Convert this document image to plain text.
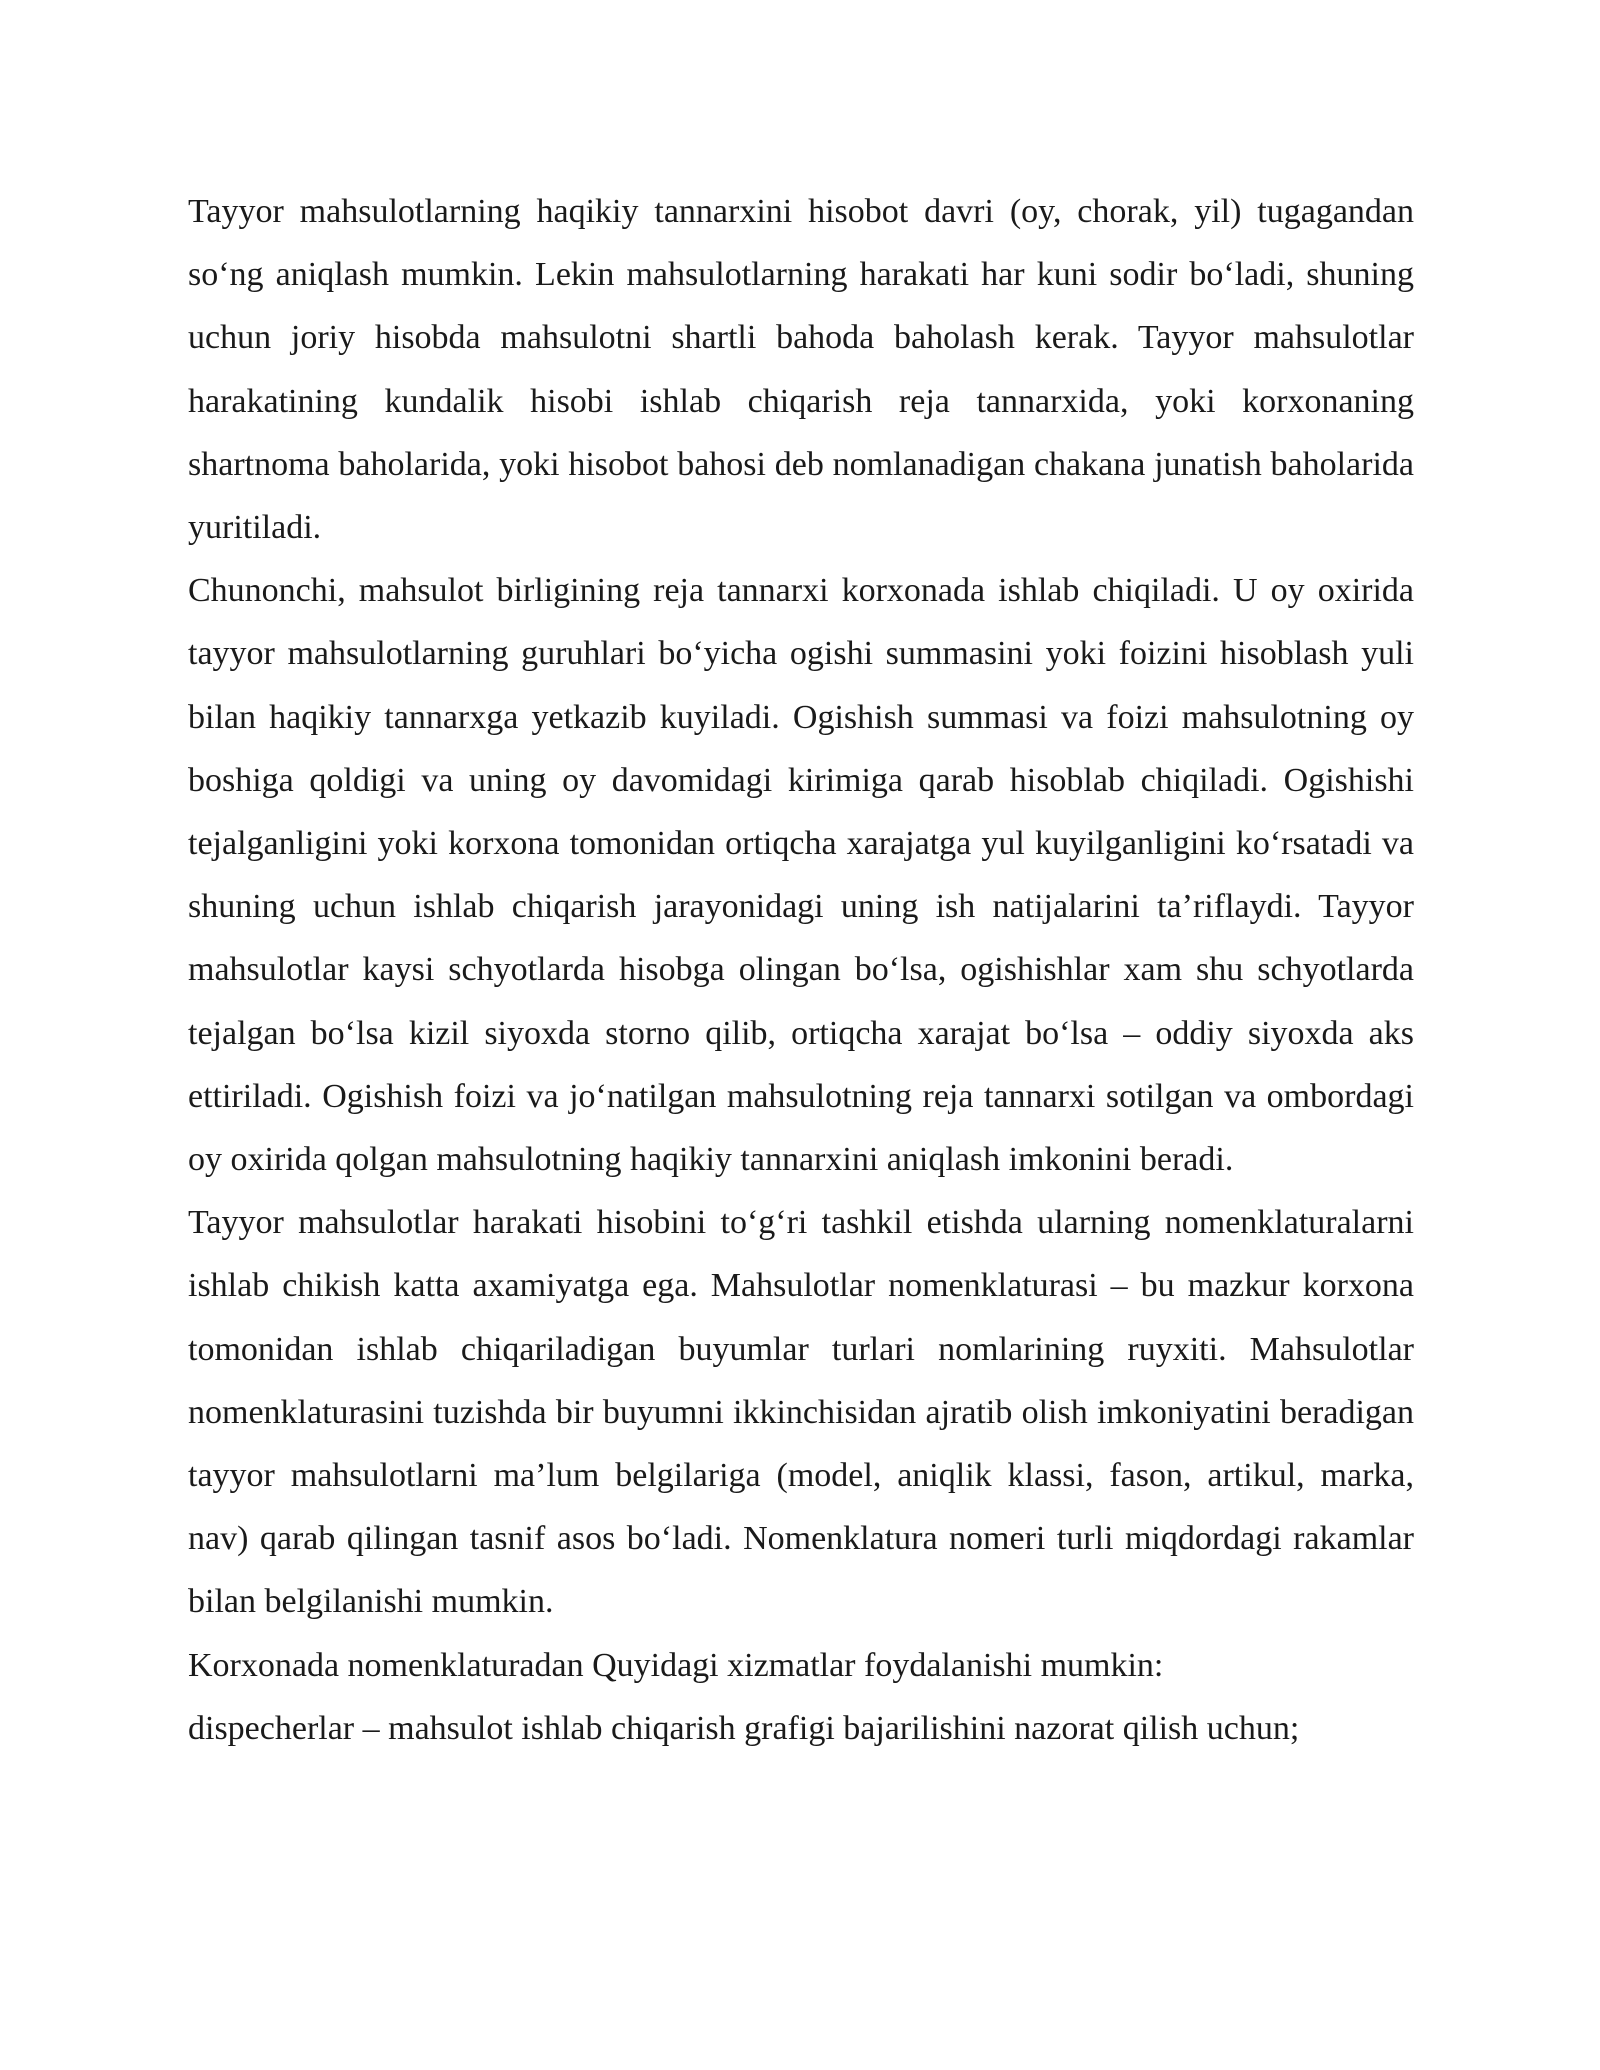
Tayyor mahsulotlarning haqikiy tannarxini hisobot davri (oy, chorak, yil) tugagandan so‘ng aniqlash mumkin. Lekin mahsulotlarning harakati har kuni sodir bo‘ladi, shuning uchun joriy hisobda mahsulotni shartli bahoda baholash kerak. Tayyor mahsulotlar harakatining kundalik hisobi ishlab chiqarish reja tannarxida, yoki korxonaning shartnoma baholarida, yoki hisobot bahosi deb nomlanadigan chakana junatish baholarida yuritiladi.

Chunonchi, mahsulot birligining reja tannarxi korxonada ishlab chiqiladi. U oy oxirida tayyor mahsulotlarning guruhlari bo‘yicha ogishi summasini yoki foizini hisoblash yuli bilan haqikiy tannarxga yetkazib kuyiladi. Ogishish summasi va foizi mahsulotning oy boshiga qoldigi va uning oy davomidagi kirimiga qarab hisoblab chiqiladi. Ogishishi tejalganligini yoki korxona tomonidan ortiqcha xarajatga yul kuyilganligini ko‘rsatadi va shuning uchun ishlab chiqarish jarayonidagi uning ish natijalarini ta’riflaydi. Tayyor mahsulotlar kaysi schyotlarda hisobga olingan bo‘lsa, ogishishlar xam shu schyotlarda tejalgan bo‘lsa kizil siyoxda storno qilib, ortiqcha xarajat bo‘lsa – oddiy siyoxda aks ettiriladi. Ogishish foizi va jo‘natilgan mahsulotning reja tannarxi sotilgan va ombordagi oy oxirida qolgan mahsulotning haqikiy tannarxini aniqlash imkonini beradi.

Tayyor mahsulotlar harakati hisobini to‘g‘ri tashkil etishda ularning nomenklaturalarni ishlab chikish katta axamiyatga ega. Mahsulotlar nomenklaturasi – bu mazkur korxona tomonidan ishlab chiqariladigan buyumlar turlari nomlarining ruyxiti. Mahsulotlar nomenklaturasini tuzishda bir buyumni ikkinchisidan ajratib olish imkoniyatini beradigan tayyor mahsulotlarni ma’lum belgilariga (model, aniqlik klassi, fason, artikul, marka, nav) qarab qilingan tasnif asos bo‘ladi. Nomenklatura nomeri turli miqdordagi rakamlar bilan belgilanishi mumkin.

Korxonada nomenklaturadan Quyidagi xizmatlar foydalanishi mumkin:

dispecherlar – mahsulot ishlab chiqarish grafigi bajarilishini nazorat qilish uchun;
